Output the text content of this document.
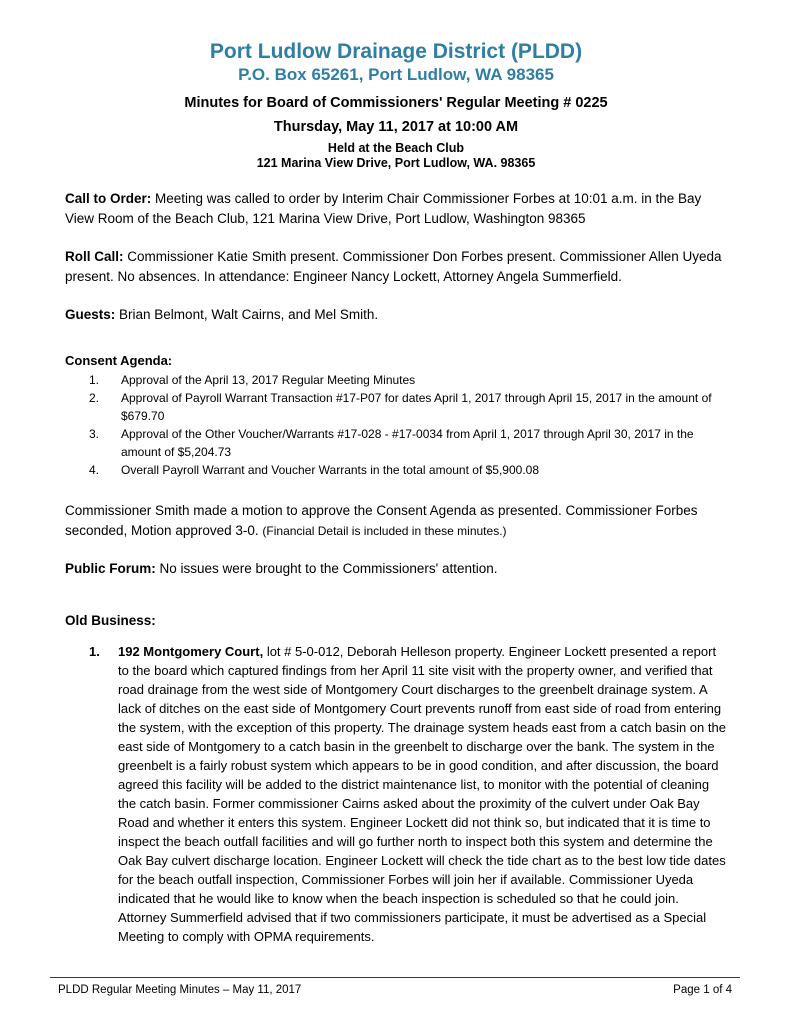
Port Ludlow Drainage District (PLDD)
P.O. Box 65261, Port Ludlow, WA 98365
Minutes for Board of Commissioners' Regular Meeting # 0225
Thursday, May 11, 2017 at 10:00 AM
Held at the Beach Club
121 Marina View Drive, Port Ludlow, WA. 98365

Call to Order: Meeting was called to order by Interim Chair Commissioner Forbes at 10:01 a.m. in the Bay View Room of the Beach Club, 121 Marina View Drive, Port Ludlow, Washington 98365

Roll Call: Commissioner Katie Smith present. Commissioner Don Forbes present. Commissioner Allen Uyeda present. No absences. In attendance: Engineer Nancy Lockett, Attorney Angela Summerfield.

Guests: Brian Belmont, Walt Cairns, and Mel Smith.

Consent Agenda:
1.	Approval of the April 13, 2017 Regular Meeting Minutes
2.	Approval of Payroll Warrant Transaction #17-P07 for dates April 1, 2017 through April 15, 2017 in the amount of $679.70
3.	Approval of the Other Voucher/Warrants #17-028 - #17-0034 from April 1, 2017 through April 30, 2017 in the amount of $5,204.73
4.	Overall Payroll Warrant and Voucher Warrants in the total amount of $5,900.08

Commissioner Smith made a motion to approve the Consent Agenda as presented. Commissioner Forbes seconded, Motion approved 3-0. (Financial Detail is included in these minutes.)

Public Forum: No issues were brought to the Commissioners' attention.

Old Business:
1.	192 Montgomery Court, lot # 5-0-012, Deborah Helleson property. Engineer Lockett presented a report to the board which captured findings from her April 11 site visit with the property owner, and verified that road drainage from the west side of Montgomery Court discharges to the greenbelt drainage system. A lack of ditches on the east side of Montgomery Court prevents runoff from east side of road from entering the system, with the exception of this property. The drainage system heads east from a catch basin on the east side of Montgomery to a catch basin in the greenbelt to discharge over the bank. The system in the greenbelt is a fairly robust system which appears to be in good condition, and after discussion, the board agreed this facility will be added to the district maintenance list, to monitor with the potential of cleaning the catch basin. Former commissioner Cairns asked about the proximity of the culvert under Oak Bay Road and whether it enters this system. Engineer Lockett did not think so, but indicated that it is time to inspect the beach outfall facilities and will go further north to inspect both this system and determine the Oak Bay culvert discharge location. Engineer Lockett will check the tide chart as to the best low tide dates for the beach outfall inspection, Commissioner Forbes will join her if available. Commissioner Uyeda indicated that he would like to know when the beach inspection is scheduled so that he could join. Attorney Summerfield advised that if two commissioners participate, it must be advertised as a Special Meeting to comply with OPMA requirements.
PLDD Regular Meeting Minutes – May 11, 2017	Page 1 of 4
